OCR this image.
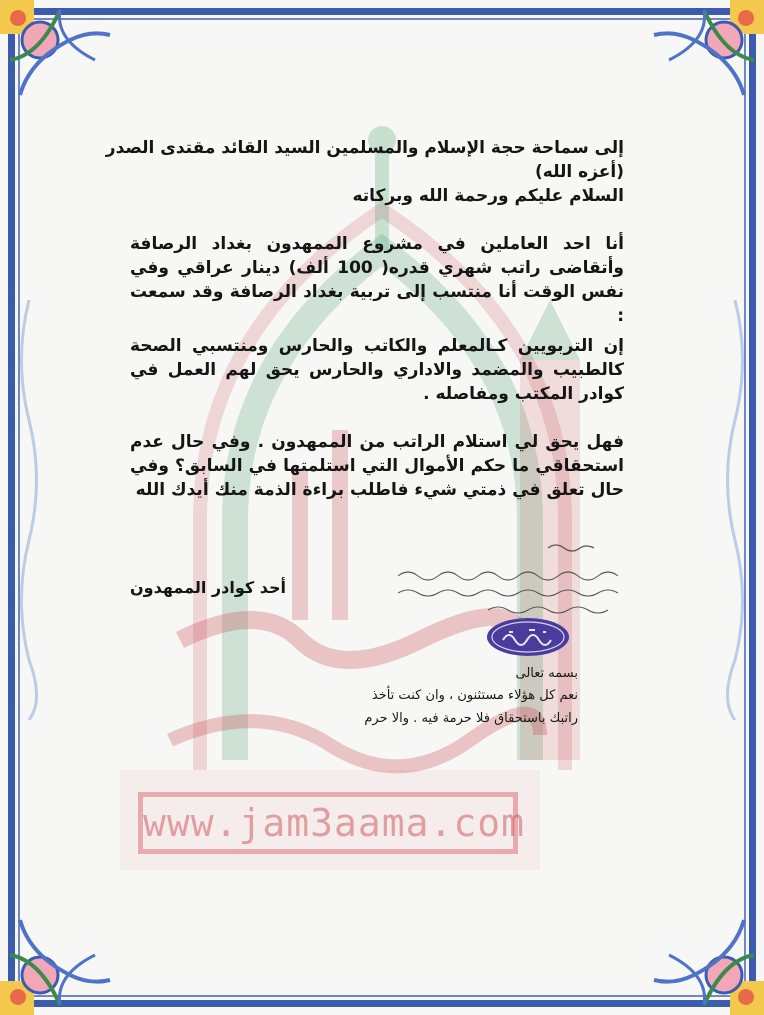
www.jam3aama.com
إلى سماحة حجة الإسلام والمسلمين السيد القائد مقتدى الصدر
(أعزه الله)
السلام عليكم ورحمة الله وبركاته
أنا احد العاملين في مشروع الممهدون بغداد الرصافة وأتقاضى راتب شهري قدره( 100 ألف) دينار عراقي وفي نفس الوقت أنا منتسب إلى تربية بغداد الرصافة وقد سمعت :
إن التربويين كـالمعلم والكاتب والحارس ومنتسبي الصحة كالطبيب والمضمد والاداري والحارس يحق لهم العمل في كوادر المكتب ومفاصله .
فهل يحق لي استلام الراتب من الممهدون . وفي حال عدم استحقاقي ما حكم الأموال التي استلمتها في السابق؟ وفي حال تعلق في ذمتي شيء فاطلب براءة الذمة منك أيدك الله
أحد كوادر الممهدون
بسمه تعالى
نعم كل هؤلاء مستثنون ، وان كنت تأخذ
راتبك باستحقاق فلا حرمة فيه . والا حرم
